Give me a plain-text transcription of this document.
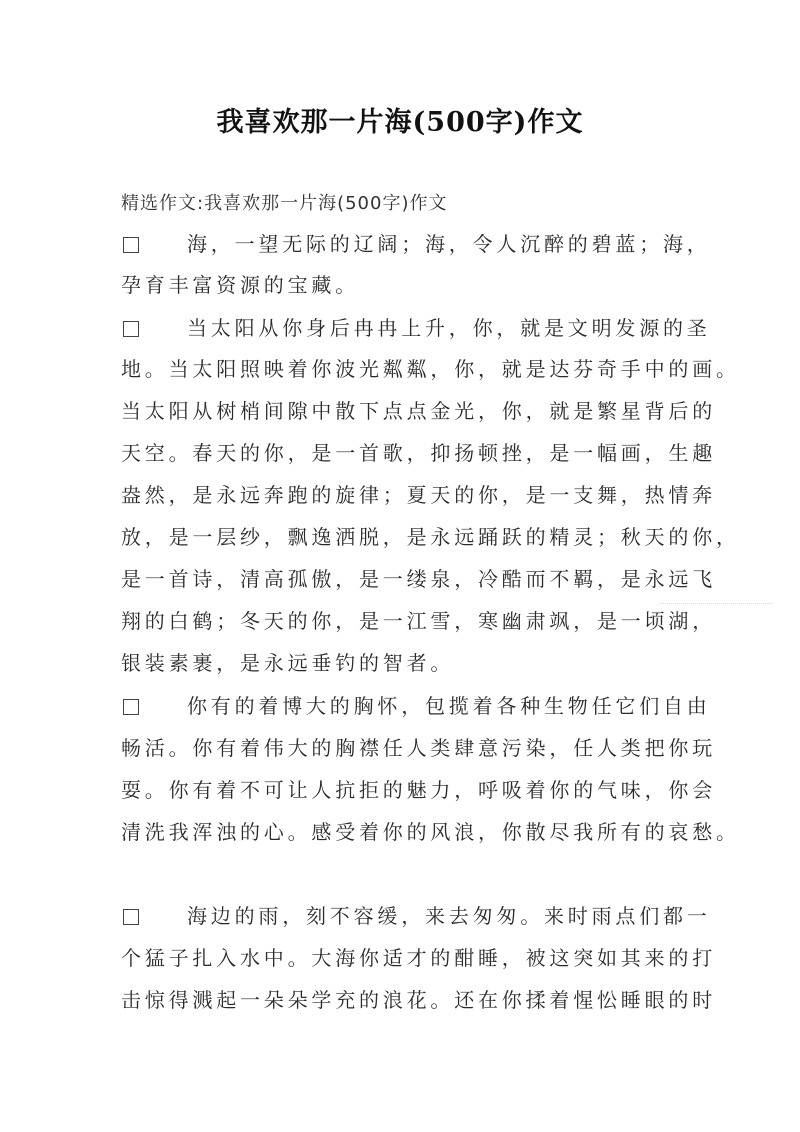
我喜欢那一片海(500字)作文
精选作文:我喜欢那一片海(500字)作文
海，一望无际的辽阔；海，令人沉醉的碧蓝；海，
孕育丰富资源的宝藏。
当太阳从你身后冉冉上升，你，就是文明发源的圣
地。当太阳照映着你波光粼粼，你，就是达芬奇手中的画。
当太阳从树梢间隙中散下点点金光，你，就是繁星背后的
天空。春天的你，是一首歌，抑扬顿挫，是一幅画，生趣
盎然，是永远奔跑的旋律；夏天的你，是一支舞，热情奔
放，是一层纱，飘逸洒脱，是永远踊跃的精灵；秋天的你，
是一首诗，清高孤傲，是一缕泉，冷酷而不羁，是永远飞
翔的白鹤；冬天的你，是一江雪，寒幽肃飒，是一顷湖，
银装素裹，是永远垂钓的智者。
你有的着博大的胸怀，包揽着各种生物任它们自由
畅活。你有着伟大的胸襟任人类肆意污染，任人类把你玩
耍。你有着不可让人抗拒的魅力，呼吸着你的气味，你会
清洗我浑浊的心。感受着你的风浪，你散尽我所有的哀愁。
海边的雨，刻不容缓，来去匆匆。来时雨点们都一
个猛子扎入水中。大海你适才的酣睡，被这突如其来的打
击惊得溅起一朵朵学充的浪花。还在你揉着惺忪睡眼的时
